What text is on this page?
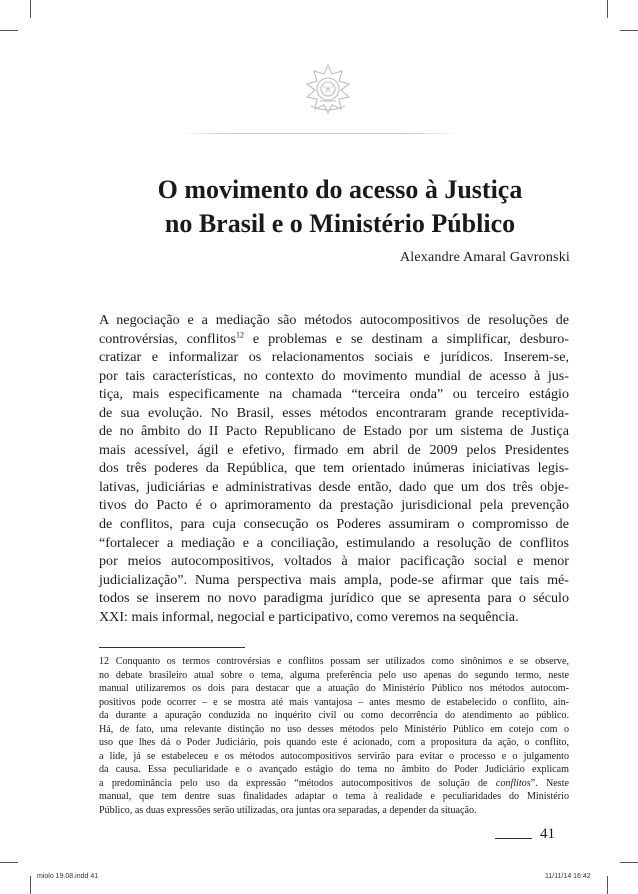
O movimento do acesso à Justiça
no Brasil e o Ministério Público
Alexandre Amaral Gavronski
A negociação e a mediação são métodos autocompositivos de resoluções de
controvérsias, conflitos$^{12}$ e problemas e se destinam a simplificar, desburo-
cratizar e informalizar os relacionamentos sociais e jurídicos. Inserem-se,
por tais características, no contexto do movimento mundial de acesso à jus-
tiça, mais especificamente na chamada “terceira onda” ou terceiro estágio
de sua evolução. No Brasil, esses métodos encontraram grande receptivida-
de no âmbito do II Pacto Republicano de Estado por um sistema de Justiça
mais acessível, ágil e efetivo, firmado em abril de 2009 pelos Presidentes
dos três poderes da República, que tem orientado inúmeras iniciativas legis-
lativas, judiciárias e administrativas desde então, dado que um dos três obje-
tivos do Pacto é o aprimoramento da prestação jurisdicional pela prevenção
de conflitos, para cuja consecução os Poderes assumiram o compromisso de
“fortalecer a mediação e a conciliação, estimulando a resolução de conflitos
por meios autocompositivos, voltados à maior pacificação social e menor
judicialização”. Numa perspectiva mais ampla, pode-se afirmar que tais mé-
todos se inserem no novo paradigma jurídico que se apresenta para o século
XXI: mais informal, negocial e participativo, como veremos na sequência.
12 Conquanto os termos controvérsias e conflitos possam ser utilizados como sinônimos e se observe,
no debate brasileiro atual sobre o tema, alguma preferência pelo uso apenas do segundo termo, neste
manual utilizaremos os dois para destacar que a atuação do Ministério Público nos métodos autocom-
positivos pode ocorrer – e se mostra até mais vantajosa – antes mesmo de estabelecido o conflito, ain-
da durante a apuração conduzida no inquérito civil ou como decorrência do atendimento ao público.
Há, de fato, uma relevante distinção no uso desses métodos pelo Ministério Público em cotejo com o
uso que lhes dá o Poder Judiciário, pois quando este é acionado, com a propositura da ação, o conflito,
a lide, já se estabeleceu e os métodos autocompositivos servirão para evitar o processo e o julgamento
da causa. Essa peculiaridade e o avançado estágio do tema no âmbito do Poder Judiciário explicam
a predominância pelo uso da expressão “métodos autocompositivos de solução de conflitos”. Neste
manual, que tem dentre suas finalidades adaptar o tema à realidade e peculiaridades do Ministério
Público, as duas expressões serão utilizadas, ora juntas ora separadas, a depender da situação.
41
miolo 19.08.indd 41	11/11/14 16:42
